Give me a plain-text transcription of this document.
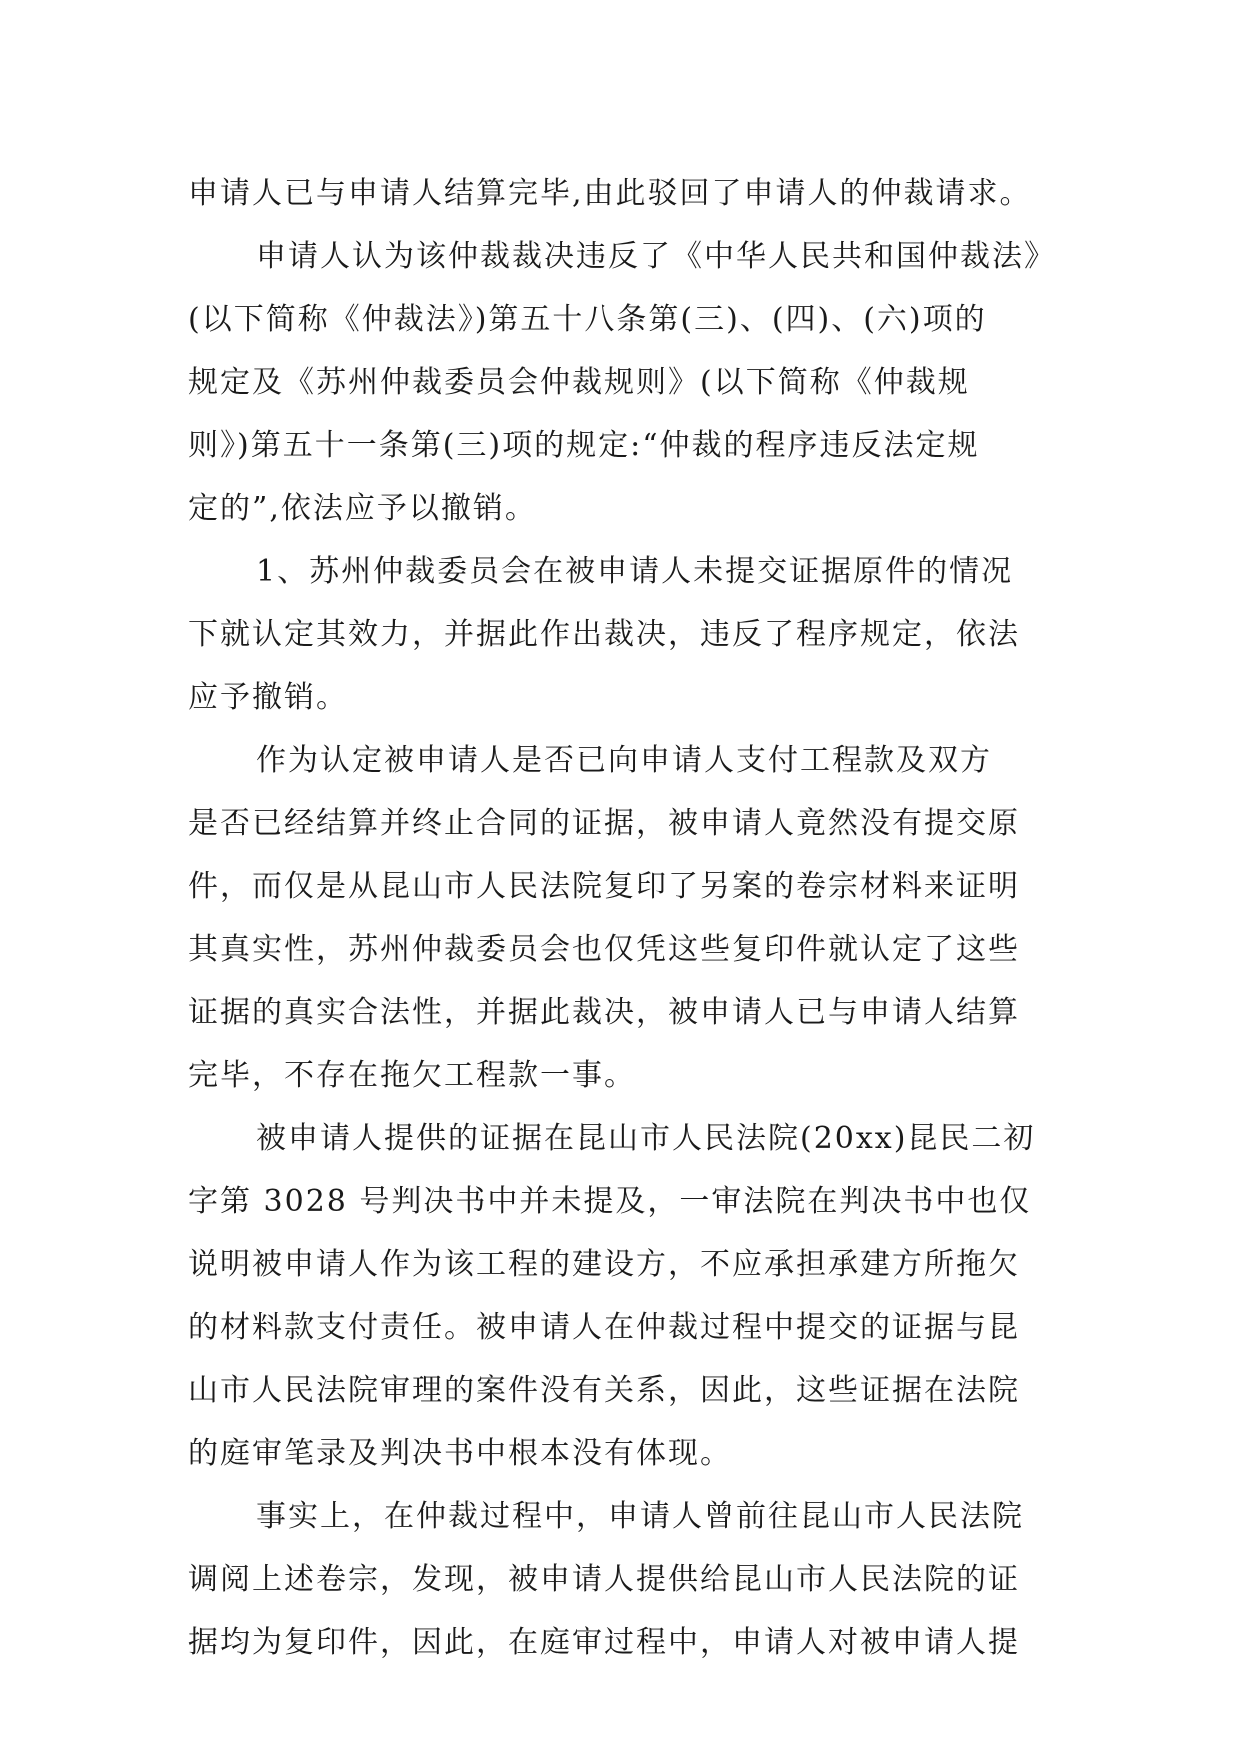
申请人已与申请人结算完毕,由此驳回了申请人的仲裁请求。
申请人认为该仲裁裁决违反了《中华人民共和国仲裁法》
(以下简称《仲裁法》)第五十八条第(三)、(四)、(六)项的
规定及《苏州仲裁委员会仲裁规则》(以下简称《仲裁规
则》)第五十一条第(三)项的规定:“仲裁的程序违反法定规
定的”,依法应予以撤销。
1、苏州仲裁委员会在被申请人未提交证据原件的情况
下就认定其效力，并据此作出裁决，违反了程序规定，依法
应予撤销。
作为认定被申请人是否已向申请人支付工程款及双方
是否已经结算并终止合同的证据，被申请人竟然没有提交原
件，而仅是从昆山市人民法院复印了另案的卷宗材料来证明
其真实性，苏州仲裁委员会也仅凭这些复印件就认定了这些
证据的真实合法性，并据此裁决，被申请人已与申请人结算
完毕，不存在拖欠工程款一事。
被申请人提供的证据在昆山市人民法院(20xx)昆民二初
字第 3028 号判决书中并未提及，一审法院在判决书中也仅
说明被申请人作为该工程的建设方，不应承担承建方所拖欠
的材料款支付责任。被申请人在仲裁过程中提交的证据与昆
山市人民法院审理的案件没有关系，因此，这些证据在法院
的庭审笔录及判决书中根本没有体现。
事实上，在仲裁过程中，申请人曾前往昆山市人民法院
调阅上述卷宗，发现，被申请人提供给昆山市人民法院的证
据均为复印件，因此，在庭审过程中，申请人对被申请人提
